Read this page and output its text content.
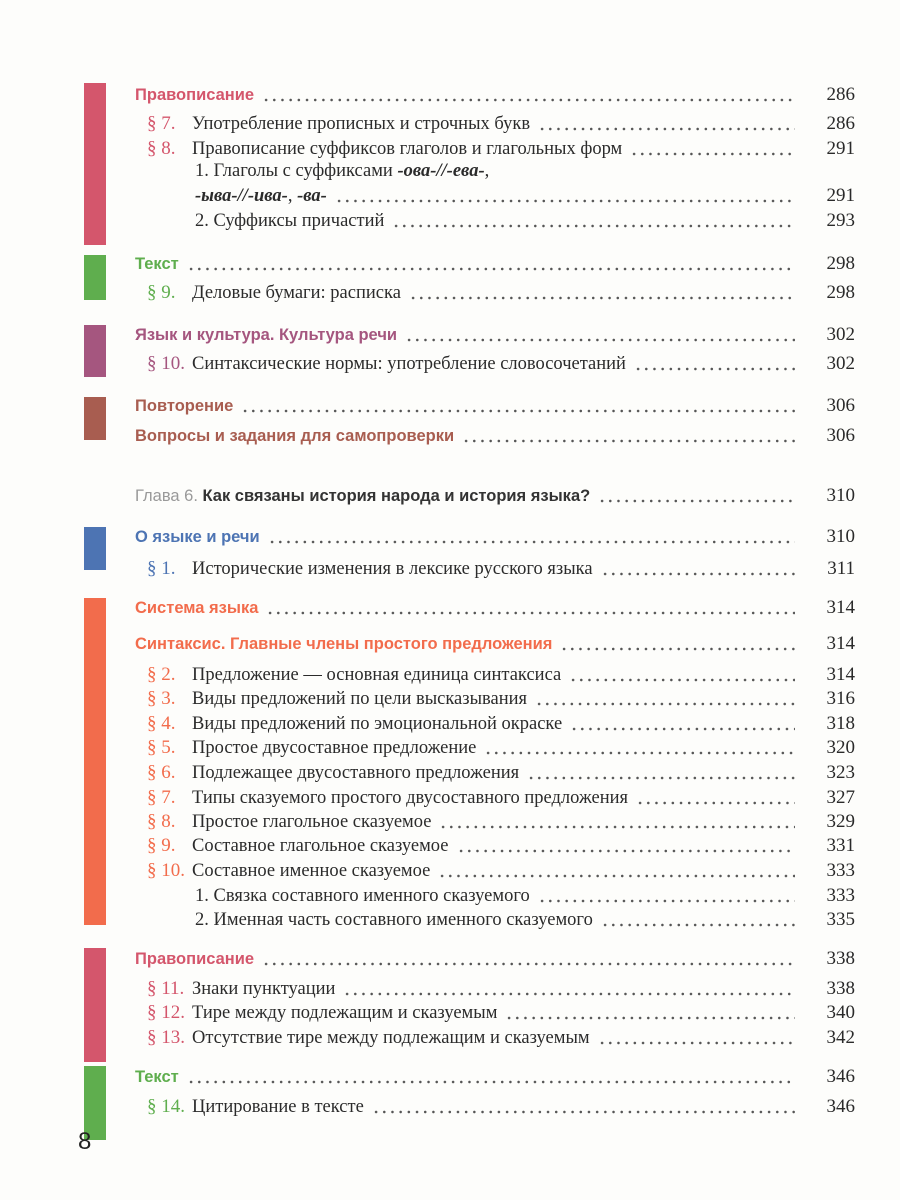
Правописание	286
§ 7. Употребление прописных и строчных букв	286
§ 8. Правописание суффиксов глаголов и глагольных форм	291
1. Глаголы с суффиксами -ова-//-ева-,
-ыва-//-ива-, -ва-	291
2. Суффиксы причастий	293
Текст	298
§ 9. Деловые бумаги: расписка	298
Язык и культура. Культура речи	302
§ 10. Синтаксические нормы: употребление словосочетаний	302
Повторение	306
Вопросы и задания для самопроверки	306
Глава 6. Как связаны история народа и история языка?	310
О языке и речи	310
§ 1. Исторические изменения в лексике русского языка	311
Система языка	314
Синтаксис. Главные члены простого предложения	314
§ 2. Предложение — основная единица синтаксиса	314
§ 3. Виды предложений по цели высказывания	316
§ 4. Виды предложений по эмоциональной окраске	318
§ 5. Простое двусоставное предложение	320
§ 6. Подлежащее двусоставного предложения	323
§ 7. Типы сказуемого простого двусоставного предложения	327
§ 8. Простое глагольное сказуемое	329
§ 9. Составное глагольное сказуемое	331
§ 10. Составное именное сказуемое	333
1. Связка составного именного сказуемого	333
2. Именная часть составного именного сказуемого	335
Правописание	338
§ 11. Знаки пунктуации	338
§ 12. Тире между подлежащим и сказуемым	340
§ 13. Отсутствие тире между подлежащим и сказуемым	342
Текст	346
§ 14. Цитирование в тексте	346
8
